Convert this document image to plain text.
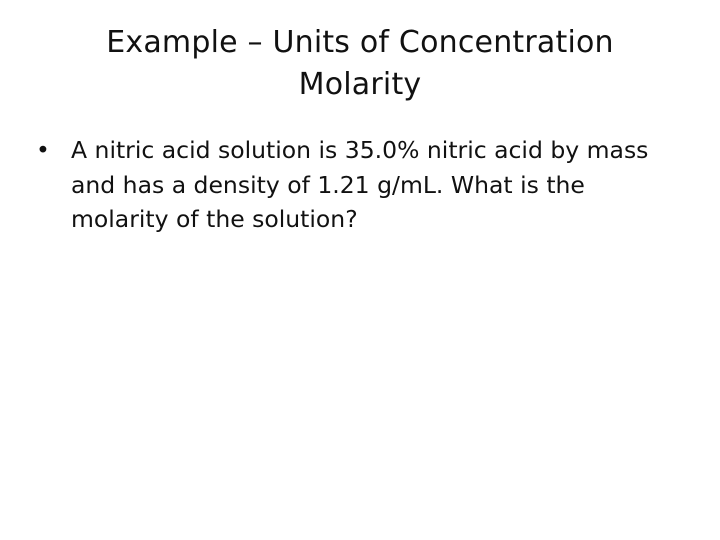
Example – Units of Concentration
Molarity
• A nitric acid solution is 35.0% nitric acid by mass and has a density of 1.21 g/mL. What is the molarity of the solution?
